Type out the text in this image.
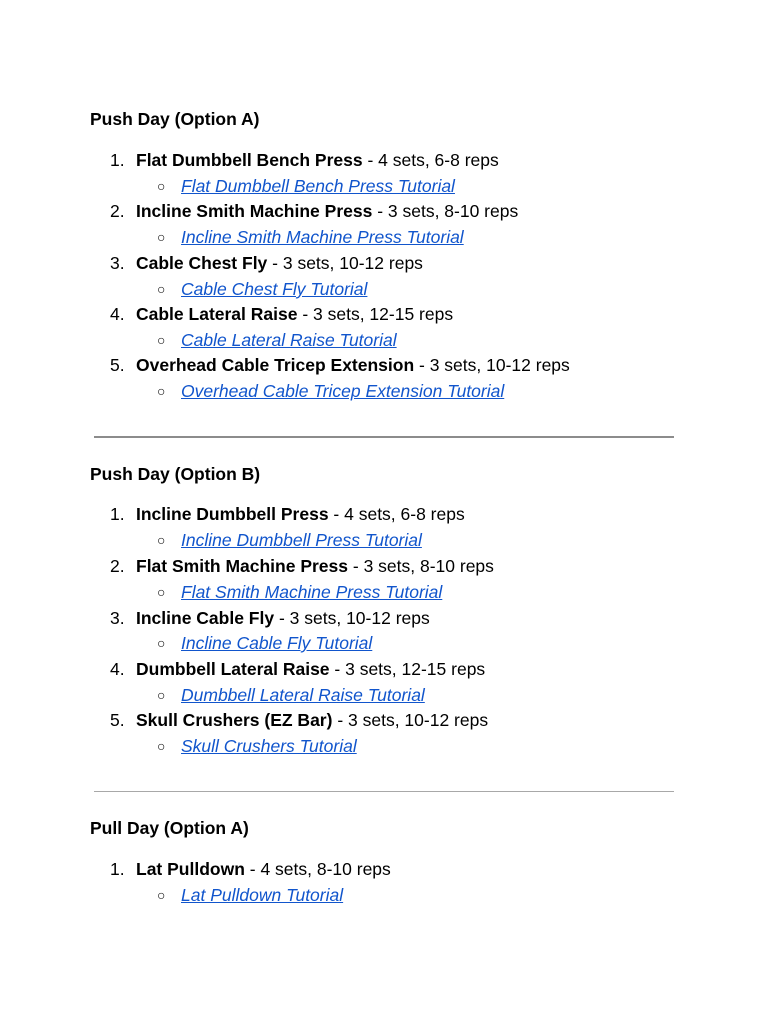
Push Day (Option A)
1. Flat Dumbbell Bench Press - 4 sets, 6-8 reps
○ Flat Dumbbell Bench Press Tutorial
2. Incline Smith Machine Press - 3 sets, 8-10 reps
○ Incline Smith Machine Press Tutorial
3. Cable Chest Fly - 3 sets, 10-12 reps
○ Cable Chest Fly Tutorial
4. Cable Lateral Raise - 3 sets, 12-15 reps
○ Cable Lateral Raise Tutorial
5. Overhead Cable Tricep Extension - 3 sets, 10-12 reps
○ Overhead Cable Tricep Extension Tutorial
Push Day (Option B)
1. Incline Dumbbell Press - 4 sets, 6-8 reps
○ Incline Dumbbell Press Tutorial
2. Flat Smith Machine Press - 3 sets, 8-10 reps
○ Flat Smith Machine Press Tutorial
3. Incline Cable Fly - 3 sets, 10-12 reps
○ Incline Cable Fly Tutorial
4. Dumbbell Lateral Raise - 3 sets, 12-15 reps
○ Dumbbell Lateral Raise Tutorial
5. Skull Crushers (EZ Bar) - 3 sets, 10-12 reps
○ Skull Crushers Tutorial
Pull Day (Option A)
1. Lat Pulldown - 4 sets, 8-10 reps
○ Lat Pulldown Tutorial
